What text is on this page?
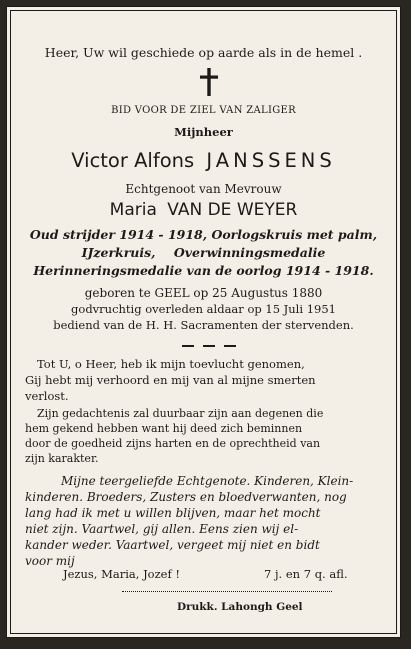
Heer, Uw wil geschiede op aarde als in de hemel .
BID VOOR DE ZIEL VAN ZALIGER
Mijnheer
Victor Alfons JANSSENS
Echtgenoot van Mevrouw
Maria VAN DE WEYER
Oud strijder 1914 - 1918, Oorlogskruis met palm,
IJzerkruis, Overwinningsmedalie
Herinneringsmedalie van de oorlog 1914 - 1918.
geboren te GEEL op 25 Augustus 1880
godvruchtig overleden aldaar op 15 Juli 1951
bediend van de H. H. Sacramenten der stervenden.
Tot U, o Heer, heb ik mijn toevlucht genomen,
Gij hebt mij verhoord en mij van al mijne smerten
verlost.
Zijn gedachtenis zal duurbaar zijn aan degenen die
hem gekend hebben want hij deed zich beminnen
door de goedheid zijns harten en de oprechtheid van
zijn karakter.
Mijne teergeliefde Echtgenote. Kinderen, Klein-
kinderen. Broeders, Zusters en bloedverwanten, nog
lang had ik met u willen blijven, maar het mocht
niet zijn. Vaartwel, gij allen. Eens zien wij el-
kander weder. Vaartwel, vergeet mij niet en bidt
voor mij
Jezus, Maria, Jozef !	7 j. en 7 q. afl.
Drukk. Lahongh Geel
